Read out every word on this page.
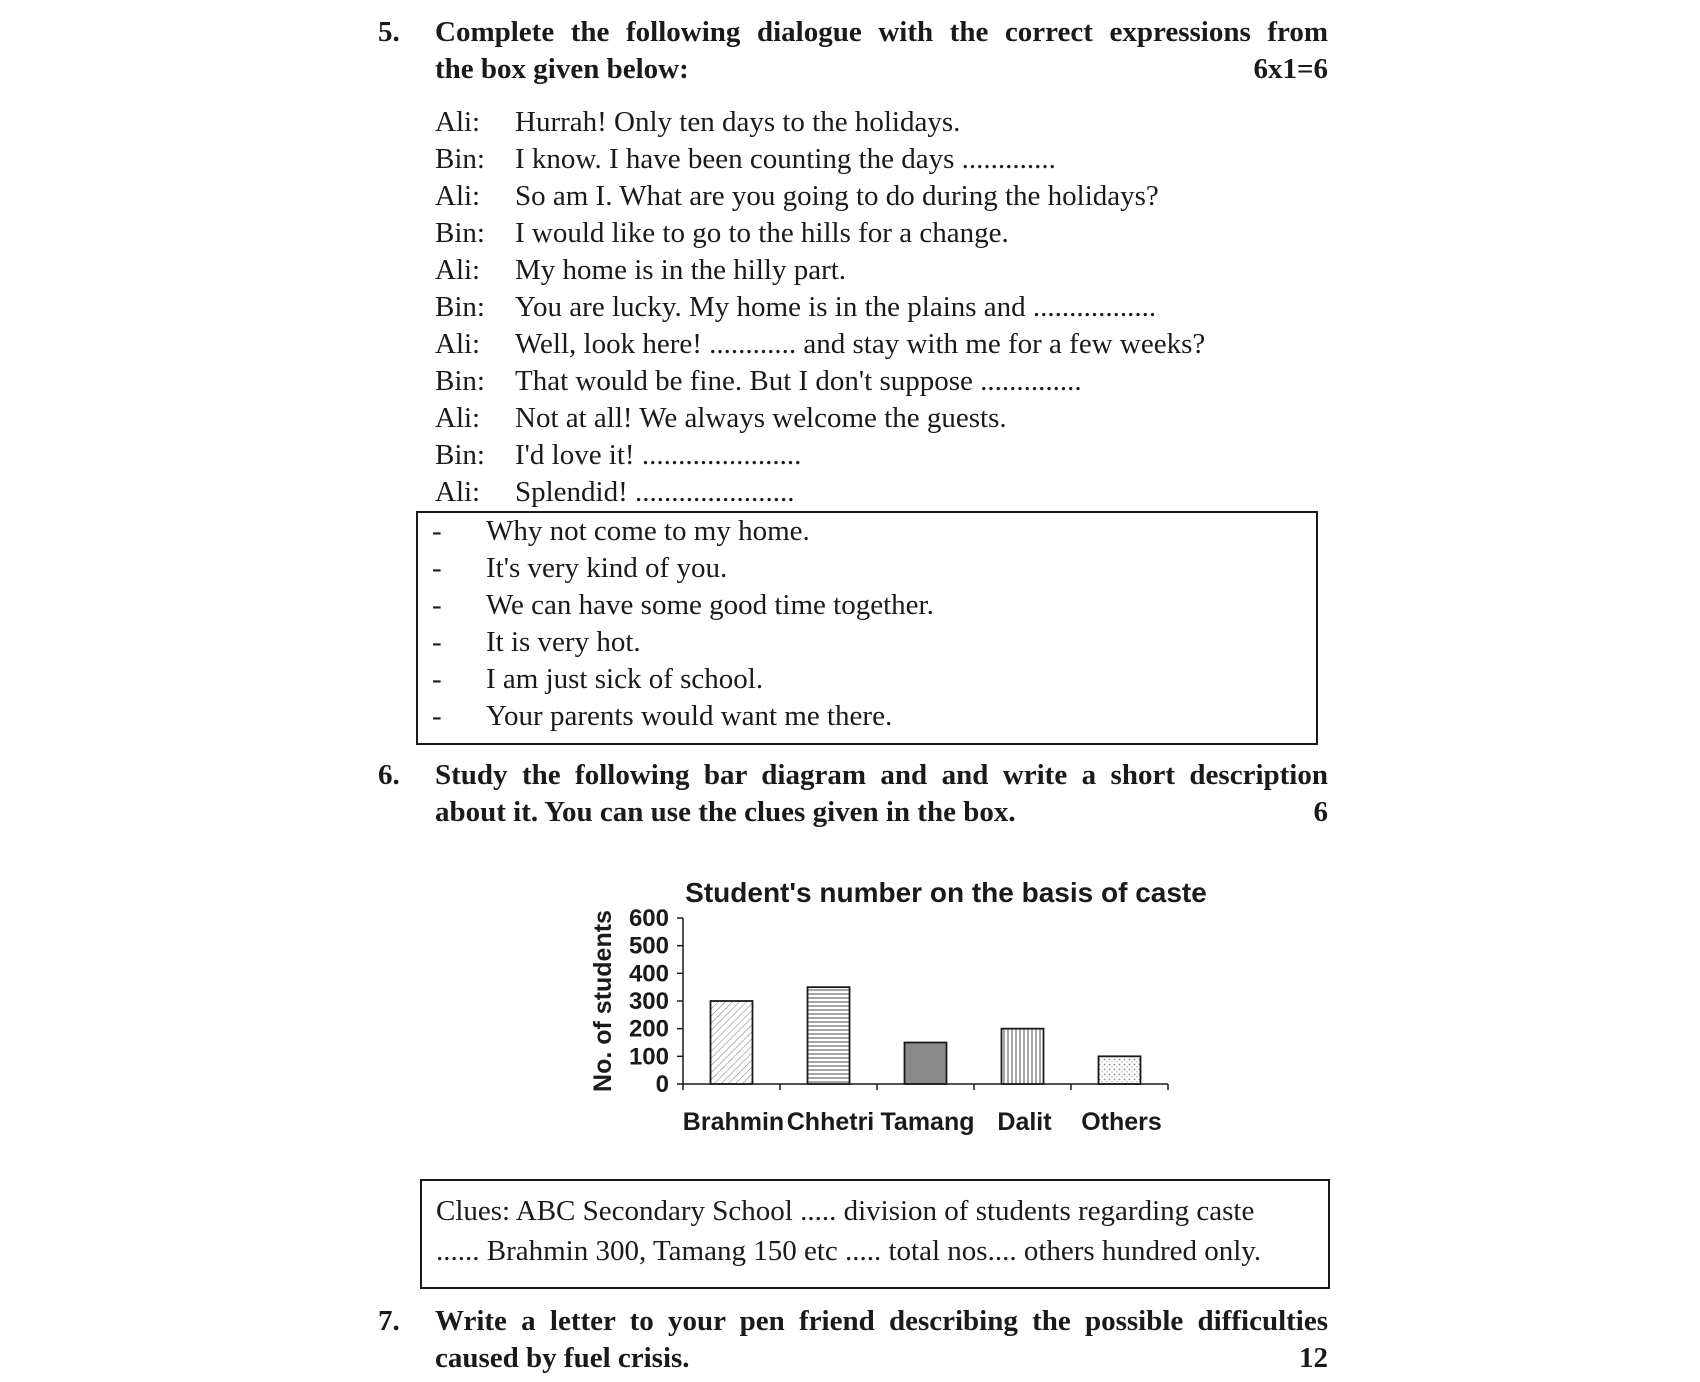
5. Complete the following dialogue with the correct expressions from
the box given below:	6x1=6
Ali: Hurrah! Only ten days to the holidays.
Bin: I know. I have been counting the days .............
Ali: So am I. What are you going to do during the holidays?
Bin: I would like to go to the hills for a change.
Ali: My home is in the hilly part.
Bin: You are lucky. My home is in the plains and .................
Ali: Well, look here! ............ and stay with me for a few weeks?
Bin: That would be fine. But I don't suppose ..............
Ali: Not at all! We always welcome the guests.
Bin: I'd love it! ......................
Ali: Splendid! ......................
- Why not come to my home.
- It's very kind of you.
- We can have some good time together.
- It is very hot.
- I am just sick of school.
- Your parents would want me there.
6. Study the following bar diagram and and write a short description
about it. You can use the clues given in the box.	6
Student's number on the basis of caste
No. of students 0
100
200
300
400
500
600
Brahmin Chhetri Tamang Dalit Others
Clues: ABC Secondary School ..... division of students regarding caste
...... Brahmin 300, Tamang 150 etc ..... total nos.... others hundred only.
7. Write a letter to your pen friend describing the possible difficulties
caused by fuel crisis.	12
